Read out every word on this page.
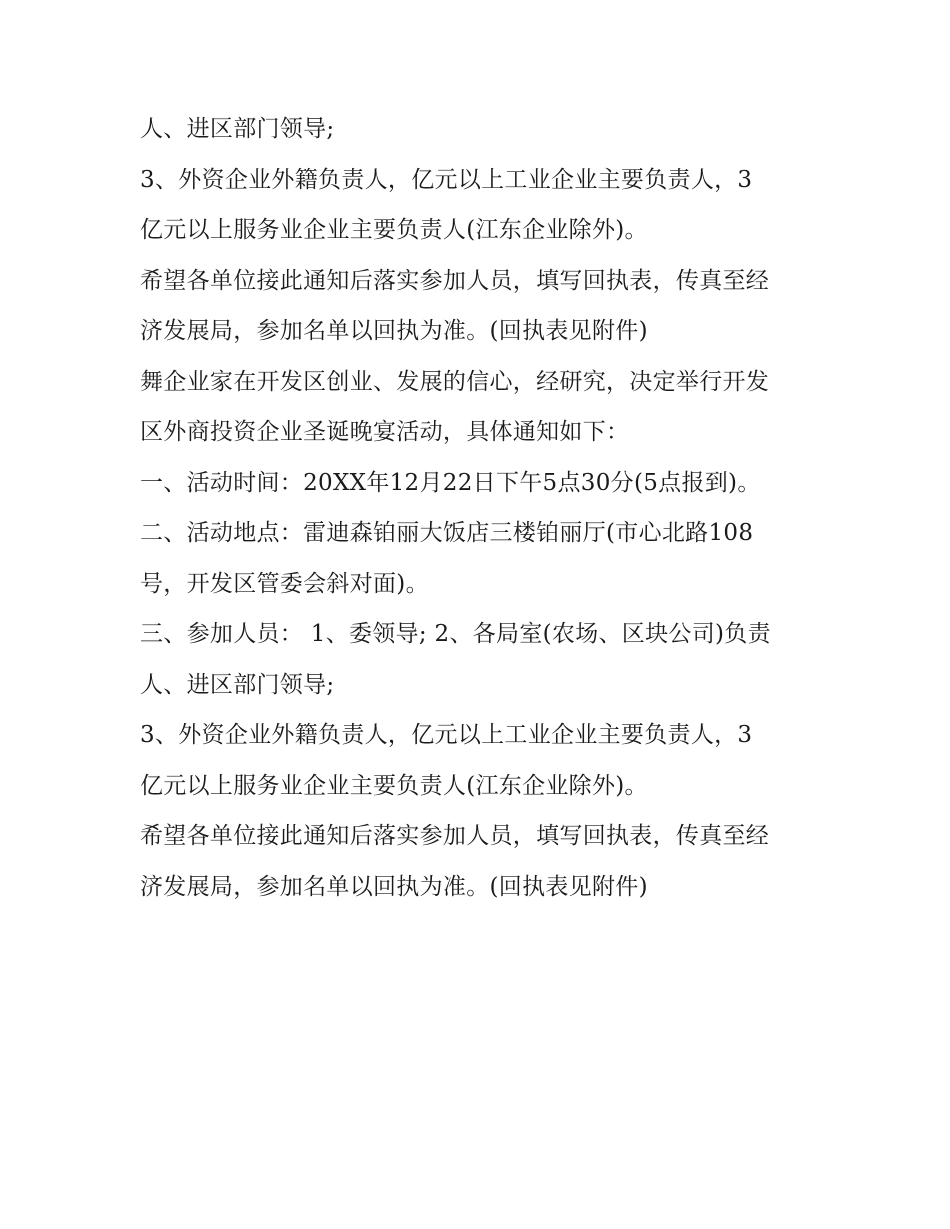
人、进区部门领导;
3、外资企业外籍负责人，亿元以上工业企业主要负责人，3
亿元以上服务业企业主要负责人(江东企业除外)。
希望各单位接此通知后落实参加人员，填写回执表，传真至经
济发展局，参加名单以回执为准。(回执表见附件)
舞企业家在开发区创业、发展的信心，经研究，决定举行开发
区外商投资企业圣诞晚宴活动，具体通知如下：
一、活动时间：20XX年12月22日下午5点30分(5点报到)。
二、活动地点：雷迪森铂丽大饭店三楼铂丽厅(市心北路108
号，开发区管委会斜对面)。
三、参加人员： 1、委领导; 2、各局室(农场、区块公司)负责
人、进区部门领导;
3、外资企业外籍负责人，亿元以上工业企业主要负责人，3
亿元以上服务业企业主要负责人(江东企业除外)。
希望各单位接此通知后落实参加人员，填写回执表，传真至经
济发展局，参加名单以回执为准。(回执表见附件)
